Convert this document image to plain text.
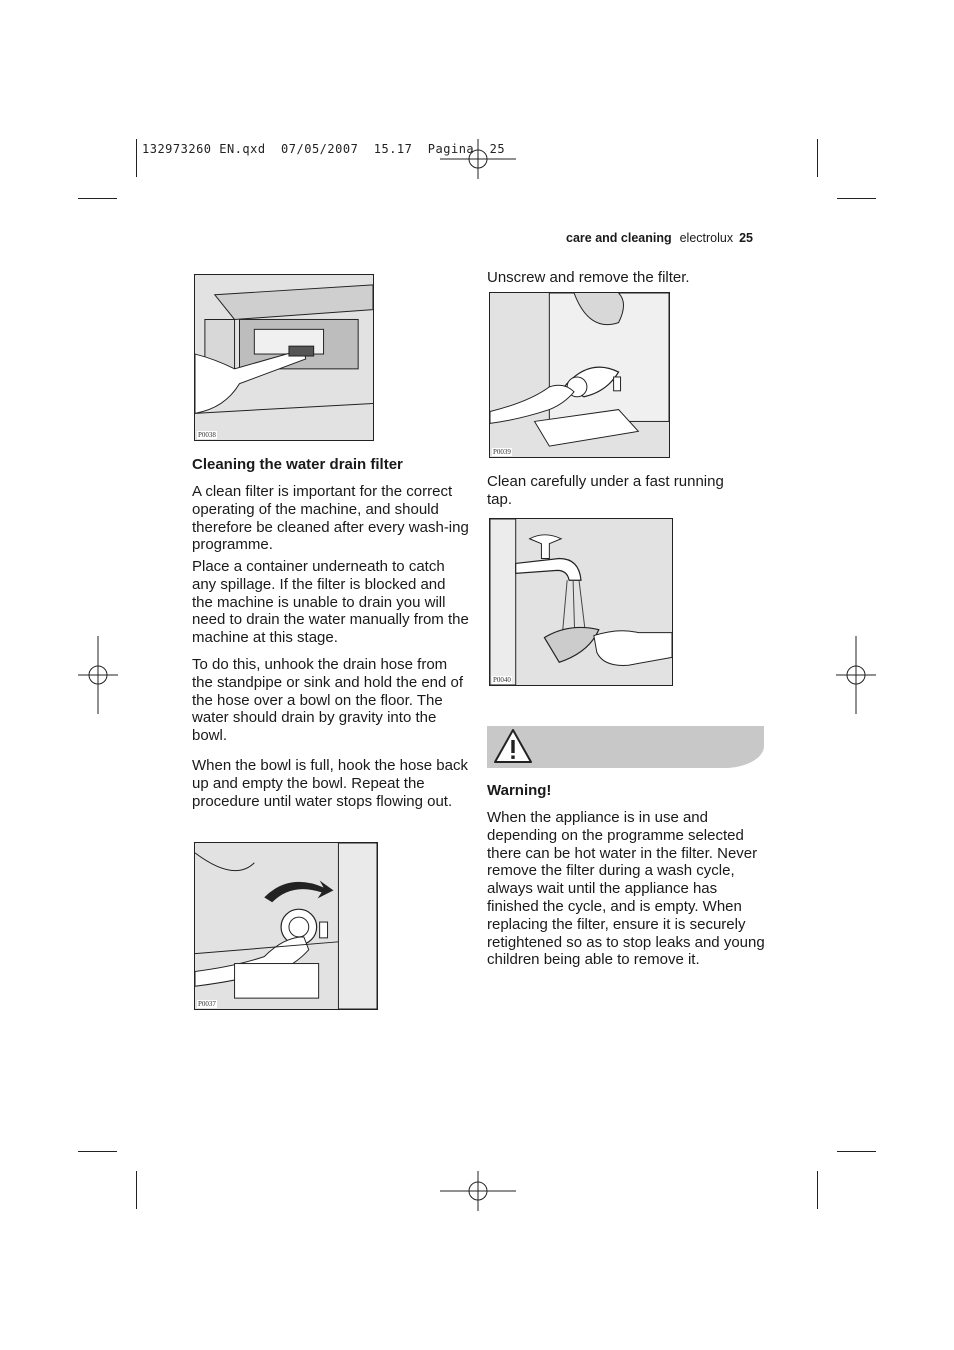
132973260 EN.qxd  07/05/2007  15.17  Pagina  25
care and cleaning electrolux 25
P0038
Cleaning the water drain filter
A clean filter is important for the correct operating of the machine, and should therefore be cleaned after every wash-ing programme.
Place a container underneath to catch any spillage. If the filter is blocked and the machine is unable to drain you will need to drain the water manually from the machine at this stage.
To do this, unhook the drain hose from the standpipe or sink and hold the end of the hose over a bowl on the floor. The water should drain by gravity into the bowl.
When the bowl is full, hook the hose back up and empty the bowl. Repeat the procedure until water stops flowing out.
P0037
Unscrew and remove the filter.
P0039
Clean carefully under a fast running tap.
P0040
Warning!
When the appliance is in use and depending on the programme selected there can be hot water in the filter. Never remove the filter during a wash cycle, always wait until the appliance has finished the cycle, and is empty. When replacing the filter, ensure it is securely retightened so as to stop leaks and young children being able to remove it.
